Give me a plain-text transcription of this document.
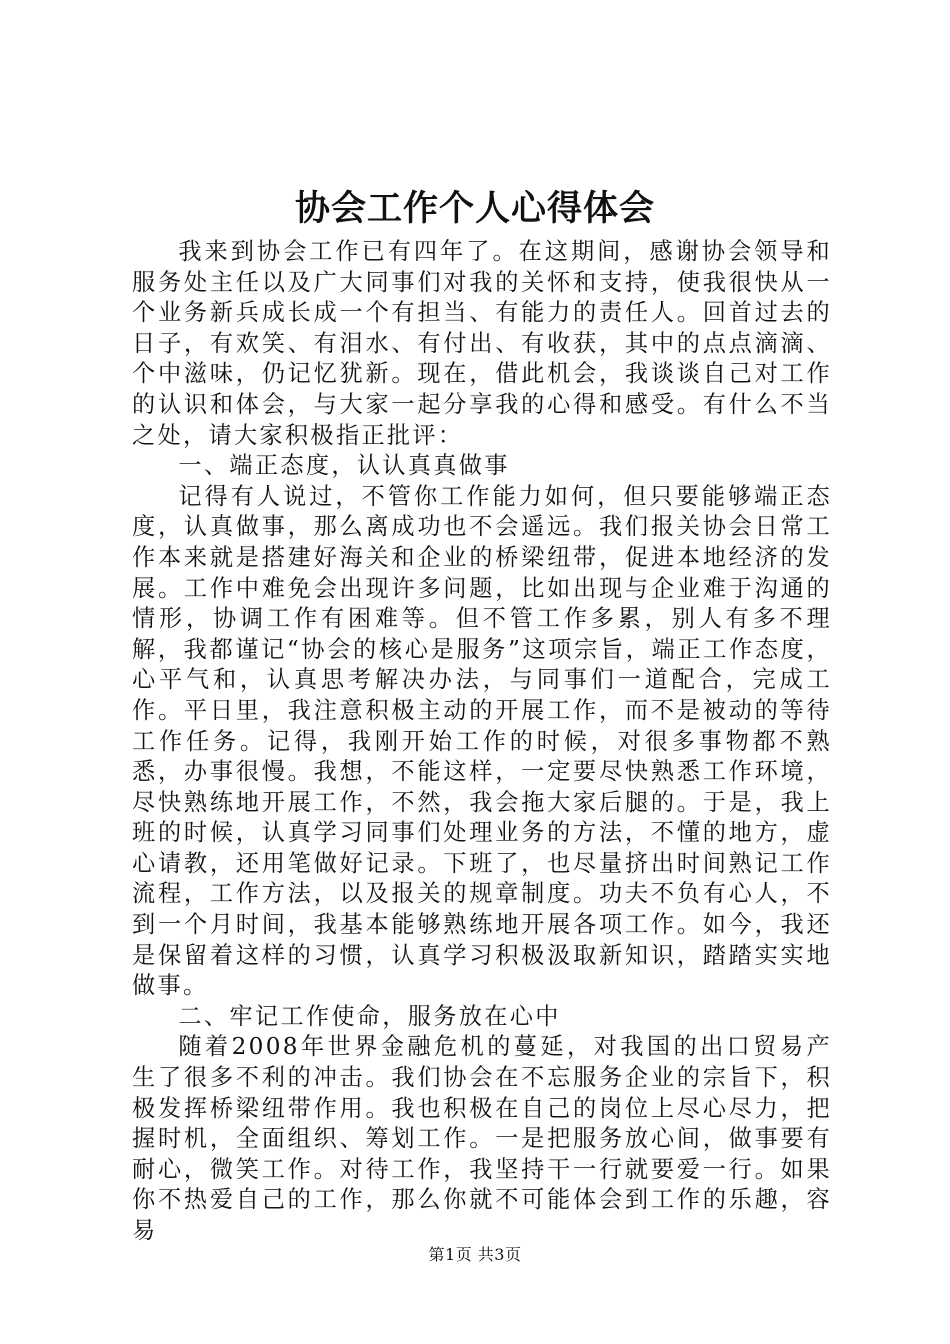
协会工作个人心得体会

我来到协会工作已有四年了。在这期间，感谢协会领导和服务处主任以及广大同事们对我的关怀和支持，使我很快从一个业务新兵成长成一个有担当、有能力的责任人。回首过去的日子，有欢笑、有泪水、有付出、有收获，其中的点点滴滴、个中滋味，仍记忆犹新。现在，借此机会，我谈谈自己对工作的认识和体会，与大家一起分享我的心得和感受。有什么不当之处，请大家积极指正批评：

一、端正态度，认认真真做事

记得有人说过，不管你工作能力如何，但只要能够端正态度，认真做事，那么离成功也不会遥远。我们报关协会日常工作本来就是搭建好海关和企业的桥梁纽带，促进本地经济的发展。工作中难免会出现许多问题，比如出现与企业难于沟通的情形，协调工作有困难等。但不管工作多累，别人有多不理解，我都谨记“协会的核心是服务”这项宗旨，端正工作态度，心平气和，认真思考解决办法，与同事们一道配合，完成工作。平日里，我注意积极主动的开展工作，而不是被动的等待工作任务。记得，我刚开始工作的时候，对很多事物都不熟悉，办事很慢。我想，不能这样，一定要尽快熟悉工作环境，尽快熟练地开展工作，不然，我会拖大家后腿的。于是，我上班的时候，认真学习同事们处理业务的方法，不懂的地方，虚心请教，还用笔做好记录。下班了，也尽量挤出时间熟记工作流程，工作方法，以及报关的规章制度。功夫不负有心人，不到一个月时间，我基本能够熟练地开展各项工作。如今，我还是保留着这样的习惯，认真学习积极汲取新知识，踏踏实实地做事。

二、牢记工作使命，服务放在心中

随着2008年世界金融危机的蔓延，对我国的出口贸易产生了很多不利的冲击。我们协会在不忘服务企业的宗旨下，积极发挥桥梁纽带作用。我也积极在自己的岗位上尽心尽力，把握时机，全面组织、筹划工作。一是把服务放心间，做事要有耐心，微笑工作。对待工作，我坚持干一行就要爱一行。如果你不热爱自己的工作，那么你就不可能体会到工作的乐趣，容易

第1页 共3页
